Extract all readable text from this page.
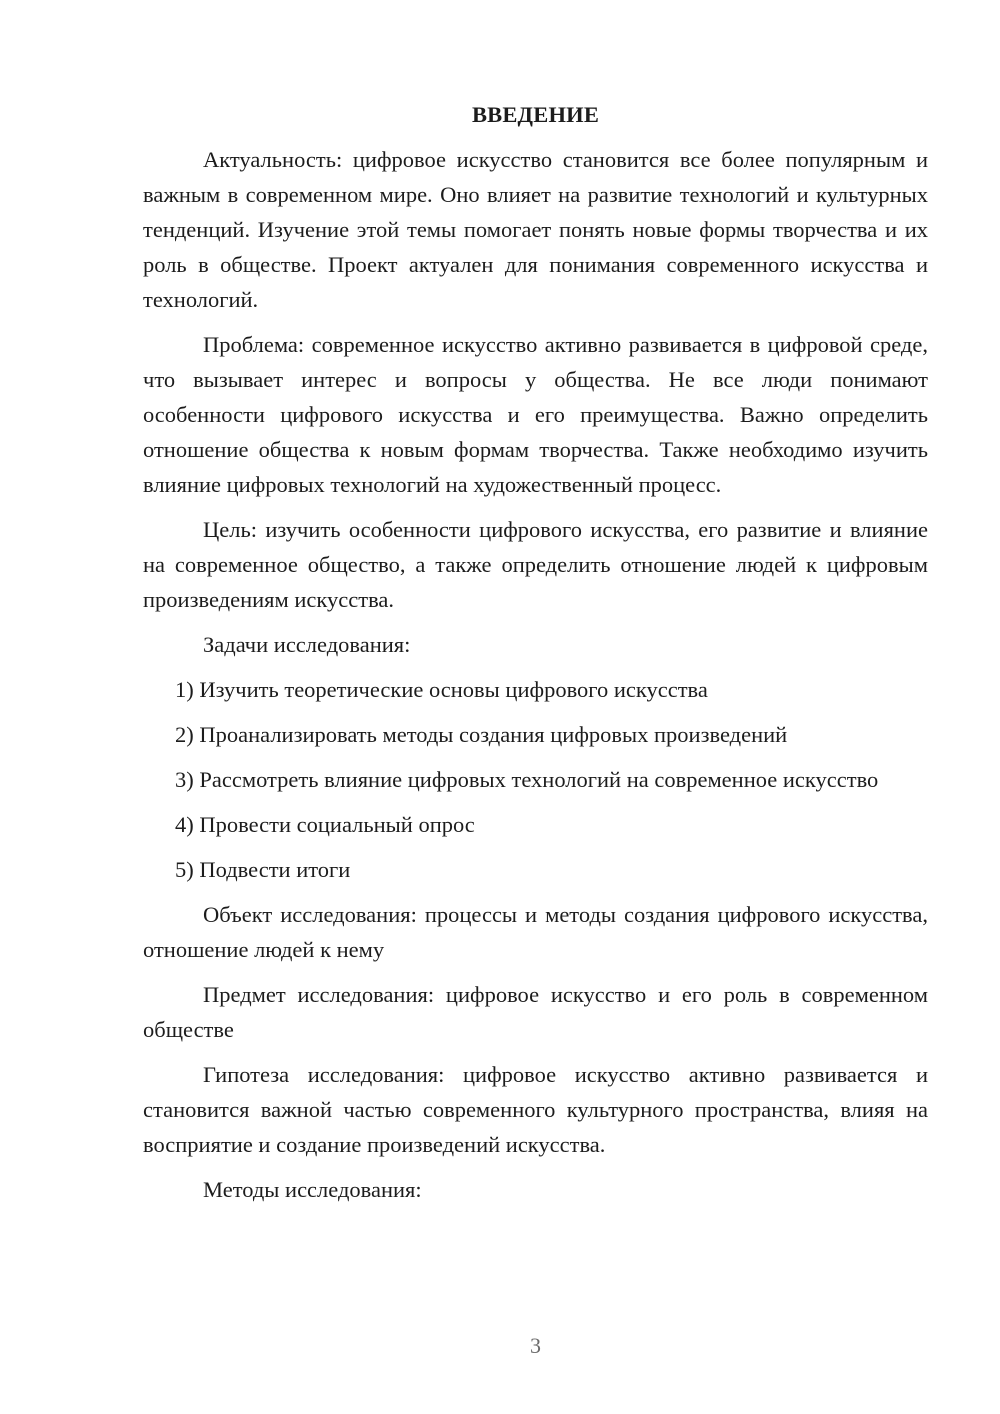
ВВЕДЕНИЕ

Актуальность: цифровое искусство становится все более популярным и важным в современном мире. Оно влияет на развитие технологий и культурных тенденций. Изучение этой темы помогает понять новые формы творчества и их роль в обществе. Проект актуален для понимания современного искусства и технологий.

Проблема: современное искусство активно развивается в цифровой среде, что вызывает интерес и вопросы у общества. Не все люди понимают особенности цифрового искусства и его преимущества. Важно определить отношение общества к новым формам творчества. Также необходимо изучить влияние цифровых технологий на художественный процесс.

Цель: изучить особенности цифрового искусства, его развитие и влияние на современное общество, а также определить отношение людей к цифровым произведениям искусства.

Задачи исследования:

1) Изучить теоретические основы цифрового искусства

2) Проанализировать методы создания цифровых произведений

3) Рассмотреть влияние цифровых технологий на современное искусство

4) Провести социальный опрос

5) Подвести итоги

Объект исследования: процессы и методы создания цифрового искусства, отношение людей к нему

Предмет исследования: цифровое искусство и его роль в современном обществе

Гипотеза исследования: цифровое искусство активно развивается и становится важной частью современного культурного пространства, влияя на восприятие и создание произведений искусства.

Методы исследования:

3
